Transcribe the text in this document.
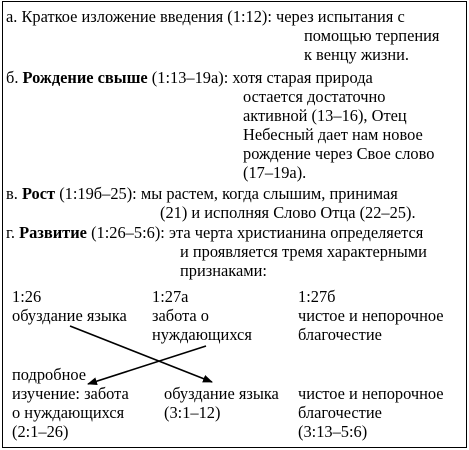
а. Краткое изложение введения (1:12): через испытания с
помощью терпения
к венцу жизни.
б. Рождение свыше (1:13–19а): хотя старая природа
остается достаточно
активной (13–16), Отец
Небесный дает нам новое
рождение через Свое слово
(17–19а).
в. Рост (1:19б–25): мы растем, когда слышим, принимая
(21) и исполняя Слово Отца (22–25).
г. Развитие (1:26–5:6): эта черта христианина определяется
и проявляется тремя характерными
признаками:
1:26
обуздание языка
1:27а
забота о
нуждающихся
1:27б
чистое и непорочное
благочестие
подробное
изучение: забота
о нуждающихся
(2:1–26)
обуздание языка
(3:1–12)
чистое и непорочное
благочестие
(3:13–5:6)
